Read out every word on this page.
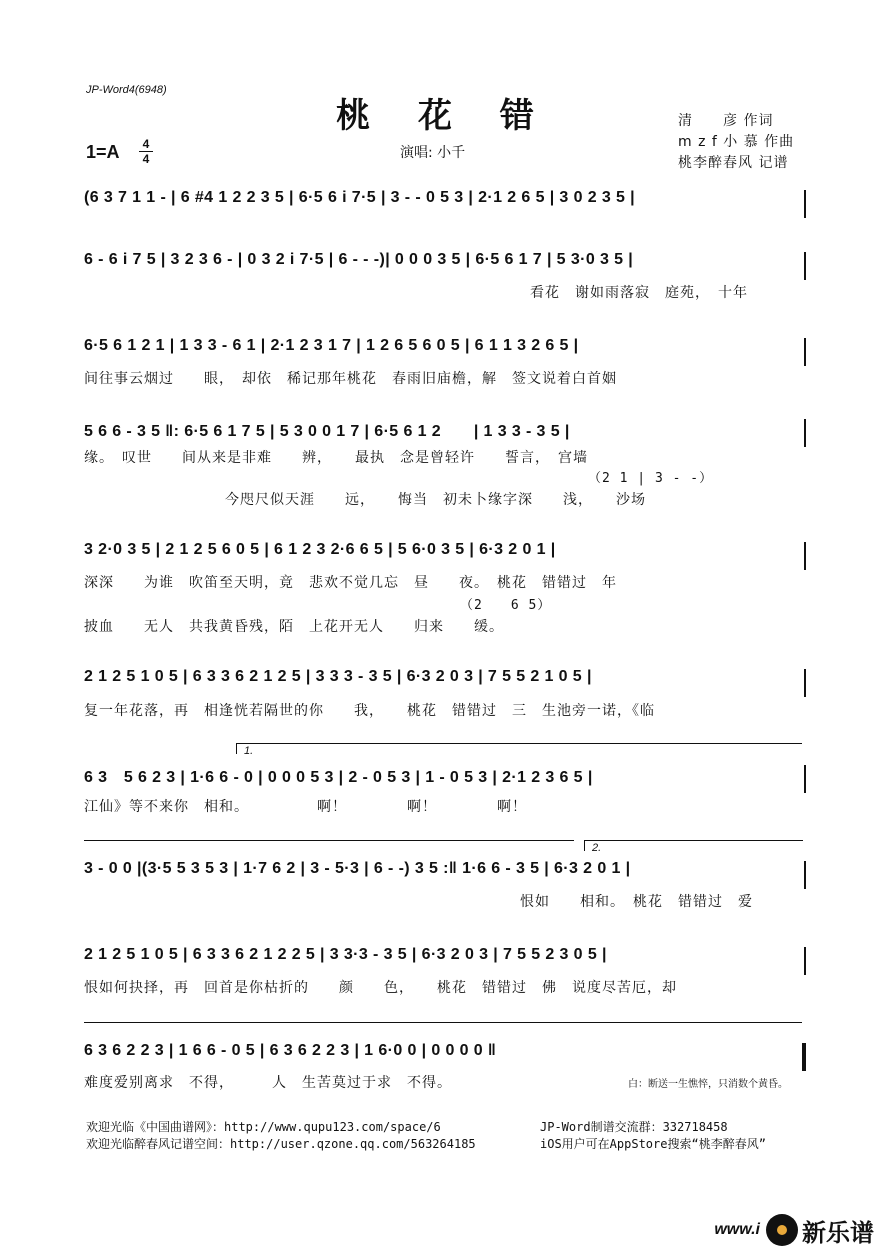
JP-Word4(6948)
桃 花 错
1=A	4
4	演唱: 小千
清　　彦 作词
m z f 小 慕 作曲
桃李醉春风 记谱
(6 3 7 1 1 - | 6 #4 1 2 2 3 5 | 6·5 6 i 7·5 | 3 - - 0 5 3 | 2·1 2 6 5 | 3 0 2 3 5 |
6 - 6 i 7 5 | 3 2 3 6 - | 0 3 2 i 7·5 | 6 - - -)| 0 0 0 3 5 | 6·5 6 1 7 | 5 3·0 3 5 |
看花　谢如雨落寂　庭苑，　十年
6·5 6 1 2 1 | 1 3 3 - 6 1 | 2·1 2 3 1 7 | 1 2 6 5 6 0 5 | 6 1 1 3 2 6 5 |
间往事云烟过　　眼，　却依　稀记那年桃花　春雨旧庙檐，解　签文说着白首姻
5 6 6 - 3 5 ‖: 6·5 6 1 7 5 | 5 3 0 0 1 7 | 6·5 6 1 2　　| 1 3 3 - 3 5 |
缘。　叹世　　间从来是非难　　辨，　　最执　念是曾轻许　　誓言，　宫墙
（2 1 | 3 - -）
今咫尺似天涯　　远，　　悔当　初未卜缘字深　　浅，　　沙场
3 2·0 3 5 | 2 1 2 5 6 0 5 | 6 1 2 3 2·6 6 5 | 5 6·0 3 5 | 6·3 2 0 1 |
深深　　为谁　吹笛至天明，竟　悲欢不觉几忘　昼　　夜。　桃花　错错过　年
（2　　6 5）
披血　　无人　共我黄昏残，陌　上花开无人　　归来　　缓。
2 1 2 5 1 0 5 | 6 3 3 6 2 1 2 5 | 3 3 3 - 3 5 | 6·3 2 0 3 | 7 5 5 2 1 0 5 |
复一年花落，再　相逢恍若隔世的你　　我，　　桃花　错错过　三　生池旁一诺，《临
1.
6 3　5 6 2 3 | 1·6 6 - 0 | 0 0 0 5 3 | 2 - 0 5 3 | 1 - 0 5 3 | 2·1 2 3 6 5 |
江仙》等不来你　相和。　　　　　啊！　　　　啊！　　　　啊！
2.
3 - 0 0 |(3·5 5 3 5 3 | 1·7 6 2 | 3 - 5·3 | 6 - -) 3 5 :‖ 1·6 6 - 3 5 | 6·3 2 0 1 |
恨如　　相和。　桃花　错错过　爱
2 1 2 5 1 0 5 | 6 3 3 6 2 1 2 2 5 | 3 3·3 - 3 5 | 6·3 2 0 3 | 7 5 5 2 3 0 5 |
恨如何抉择，再　回首是你枯折的　　颜　　色，　　桃花　错错过　佛　说度尽苦厄，却
6 3 6 2 2 3 | 1 6 6 - 0 5 | 6 3 6 2 2 3 | 1 6·0 0 | 0 0 0 0 ‖
难度爱别离求　不得，　　　人　生苦莫过于求　不得。	白：断送一生憔悴，只消数个黄昏。
欢迎光临《中国曲谱网》：http://www.qupu123.com/space/6	JP-Word制谱交流群：332718458
欢迎光临醉春风记谱空间：http://user.qzone.qq.com/563264185	iOS用户可在AppStore搜索“桃李醉春风”
www.i 新乐谱
